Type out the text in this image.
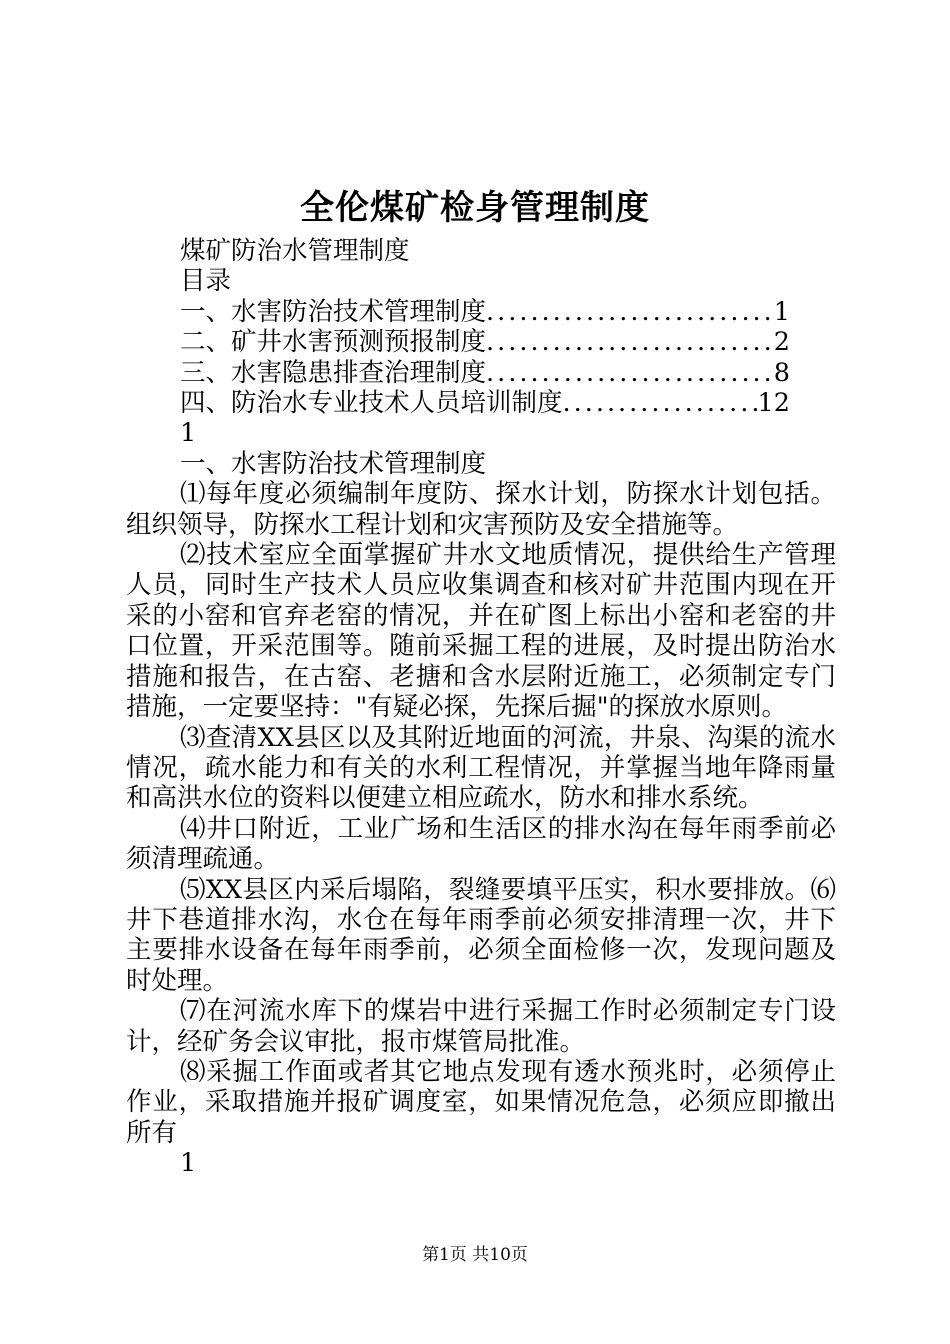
全伦煤矿检身管理制度
煤矿防治水管理制度
目录
一、水害防治技术管理制度 .....	1
二、矿井水害预测预报制度 .....	2
三、水害隐患排查治理制度 .....	8
四、防治水专业技术人员培训制度 .....	12
1
一、水害防治技术管理制度

⑴每年度必须编制年度防、探水计划，防探水计划包括。组织领导，防探水工程计划和灾害预防及安全措施等。

⑵技术室应全面掌握矿井水文地质情况，提供给生产管理人员，同时生产技术人员应收集调查和核对矿井范围内现在开采的小窑和官弃老窑的情况，并在矿图上标出小窑和老窑的井口位置，开采范围等。随前采掘工程的进展，及时提出防治水措施和报告，在古窑、老搪和含水层附近施工，必须制定专门措施，一定要坚持："有疑必探，先探后掘"的探放水原则。

⑶查清XX县区以及其附近地面的河流，井泉、沟渠的流水情况，疏水能力和有关的水利工程情况，并掌握当地年降雨量和高洪水位的资料以便建立相应疏水，防水和排水系统。

⑷井口附近，工业广场和生活区的排水沟在每年雨季前必须清理疏通。

⑸XX县区内采后塌陷，裂缝要填平压实，积水要排放。⑹井下巷道排水沟，水仓在每年雨季前必须安排清理一次，井下主要排水设备在每年雨季前，必须全面检修一次，发现问题及时处理。

⑺在河流水库下的煤岩中进行采掘工作时必须制定专门设计，经矿务会议审批，报市煤管局批准。

⑻采掘工作面或者其它地点发现有透水预兆时，必须停止作业，采取措施并报矿调度室，如果情况危急，必须应即撤出所有

1
第1页 共10页
